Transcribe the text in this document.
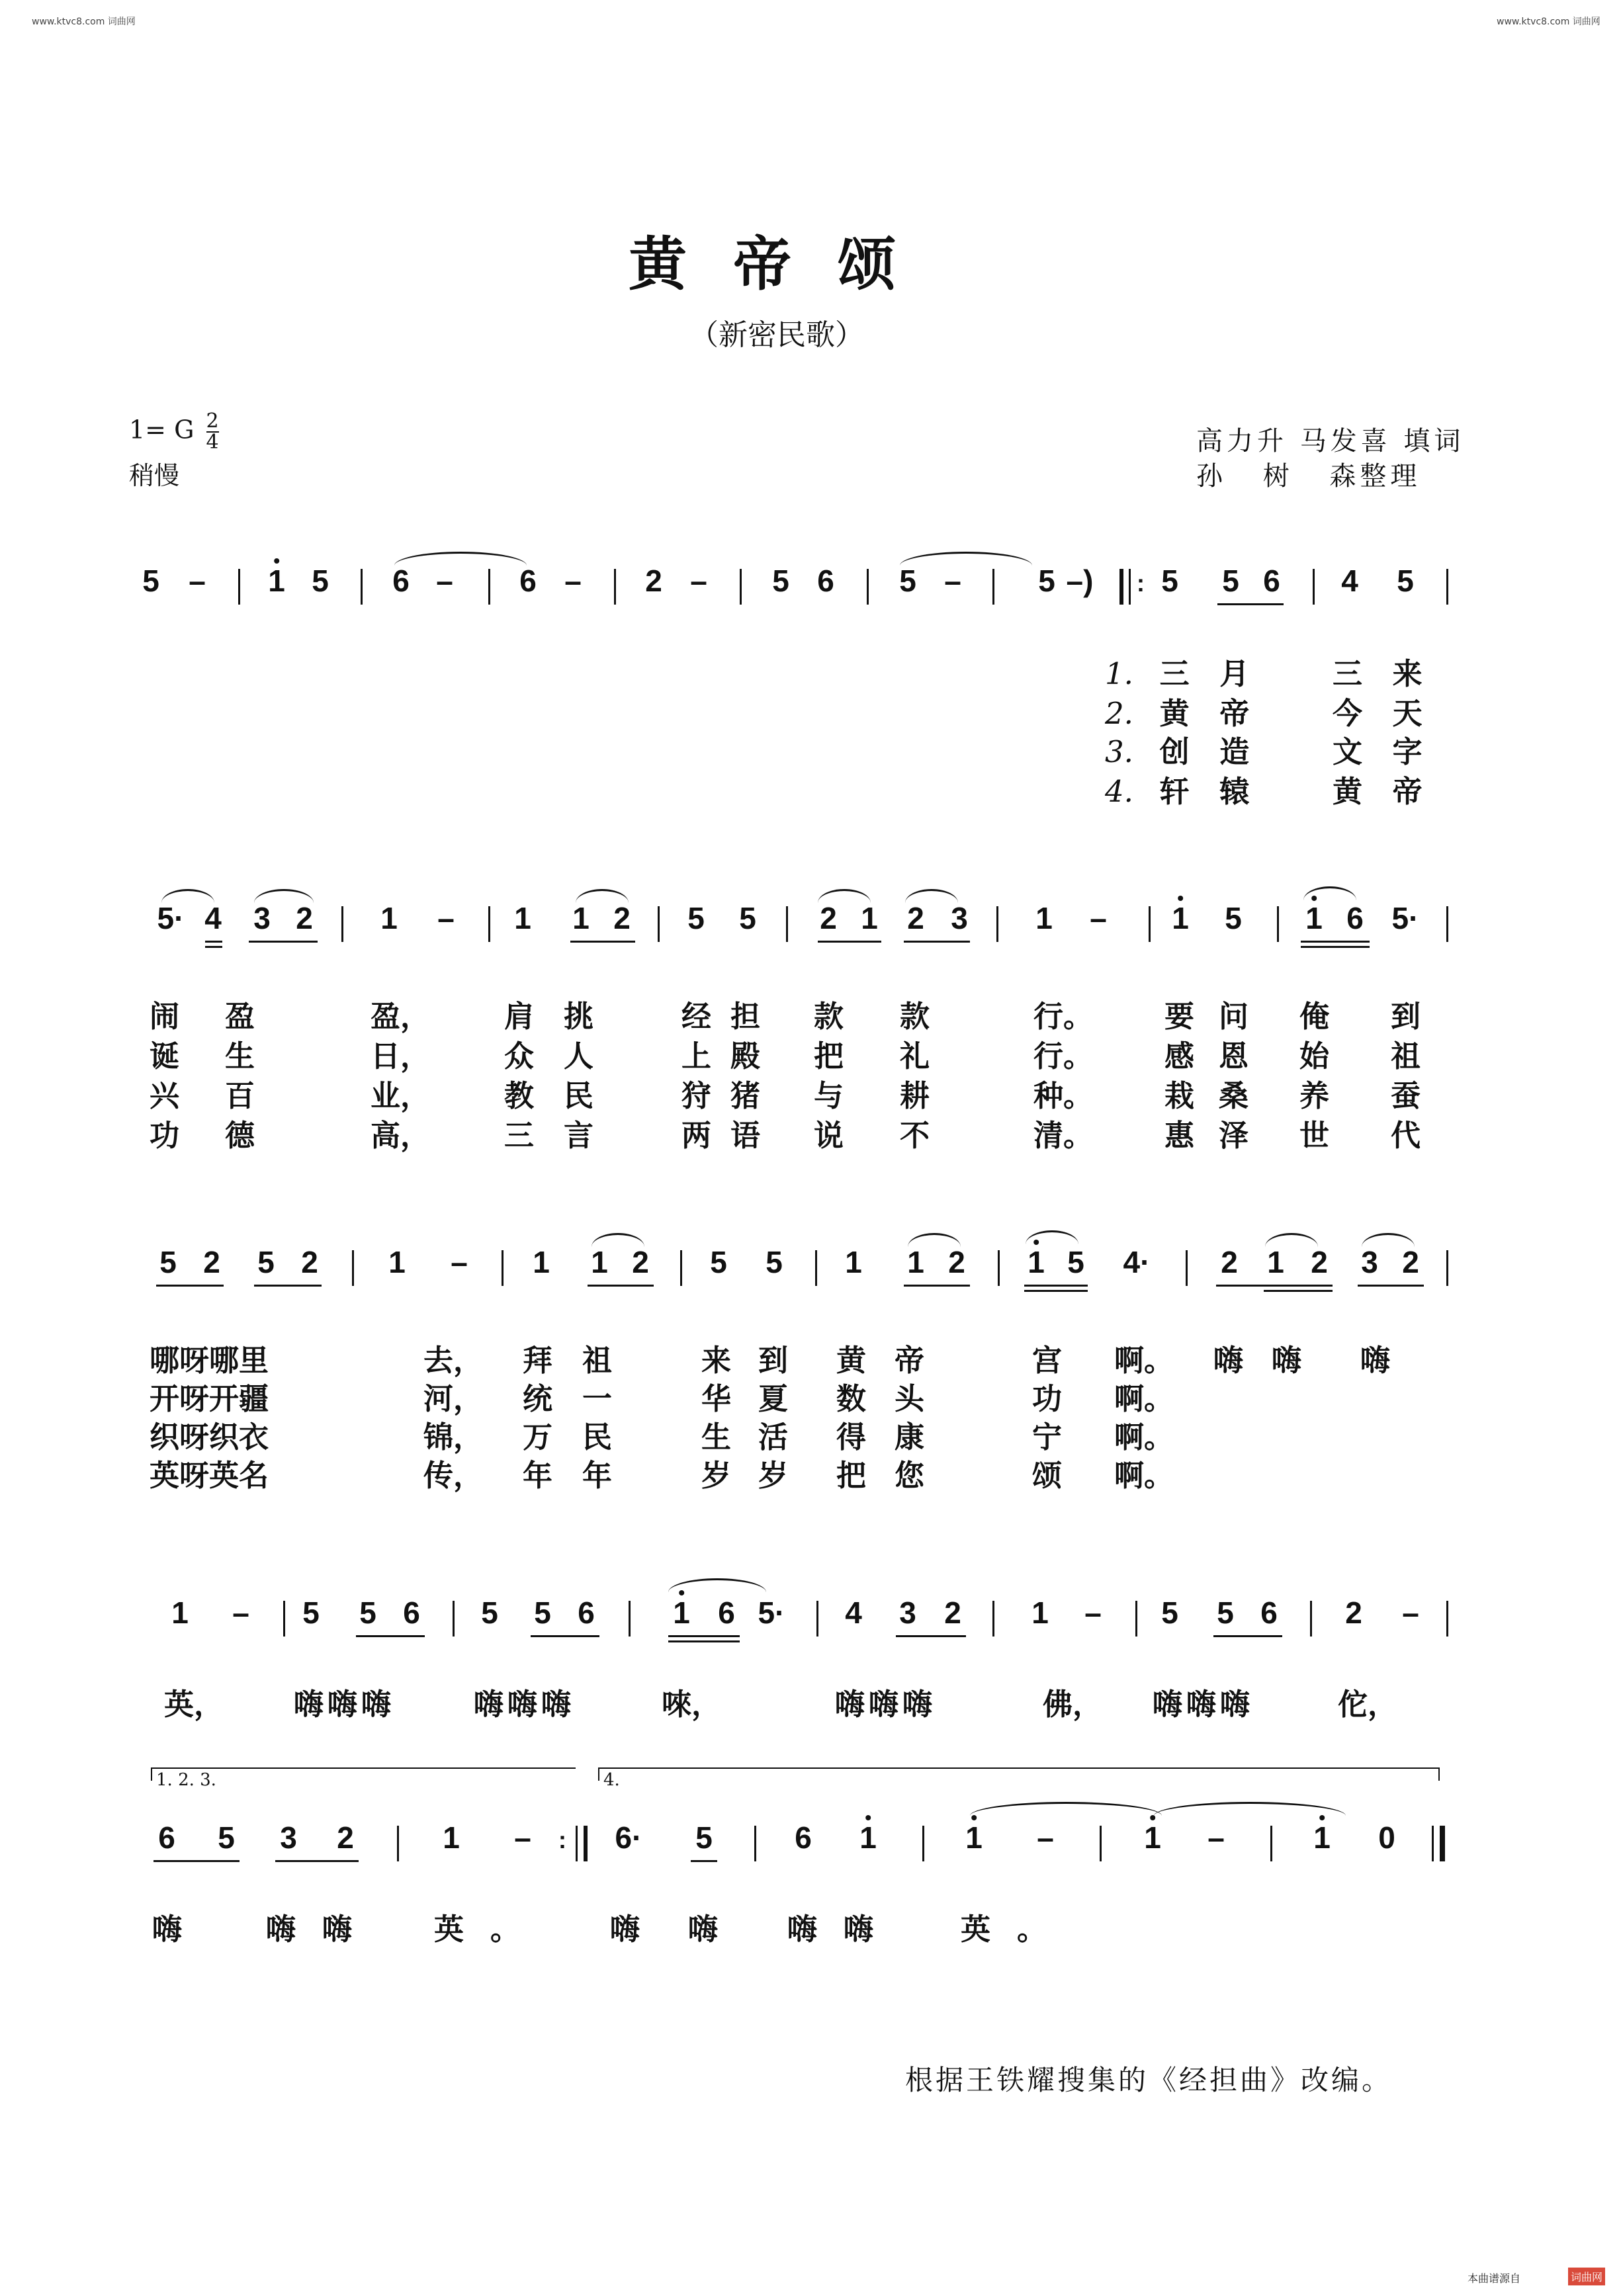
www.ktvc8.com 词曲网	www.ktvc8.com 词曲网
黄帝颂
（新密民歌）
1= G $\frac{2}{4}$
稍慢
高力升 马发喜 填词
孙 树 森整理
5 – 1 5 6 – 6 – 2 – 5 6 5 –	5 –) : 5 5 6 4 5
1. 三 月	三 来
2. 黄 帝	今 天
3. 创 造	文 字
4. 轩 辕	黄 帝
5· 4 3 2 1 – 1 1 2 5 5 2 1 2 3 1 – 1 5 1 6 5·
闹 盈	盈， 肩 挑	经 担 款 款	行。 要 问 俺 到
诞 生	日， 众 人	上 殿 把 礼	行。 感 恩 始 祖
兴 百	业， 教 民	狩 猪 与 耕	种。 栽 桑 养 蚕
功 德	高， 三 言	两 语 说 不	清。 惠 泽 世 代
5 2 5 2 1 – 1 1 2 5 5 1 1 2 1 5 4· 2 1 2 3 2
哪呀哪里	去， 拜 祖	来 到 黄 帝	宫 啊。 嗨 嗨 嗨
开呀开疆	河， 统 一	华 夏 数 头	功 啊。
织呀织衣	锦， 万 民	生 活 得 康	宁 啊。
英呀英名	传， 年 年	岁 岁 把 您	颂 啊。
1 – 5 5 6 5 5 6	1 6 5· 4 3 2 1 – 5 5 6 2 –
英， 嗨嗨嗨	嗨嗨嗨	唻，	嗨嗨嗨	佛， 嗨嗨嗨	佗，
1. 2. 3.	4.
6 5 3 2	1 – : 6· 5	6 1	1 –	1 –	1 0
嗨	嗨嗨 英。 嗨 嗨 嗨嗨 英。
根据王铁耀搜集的《经担曲》改编。
本曲谱源自	词曲网
